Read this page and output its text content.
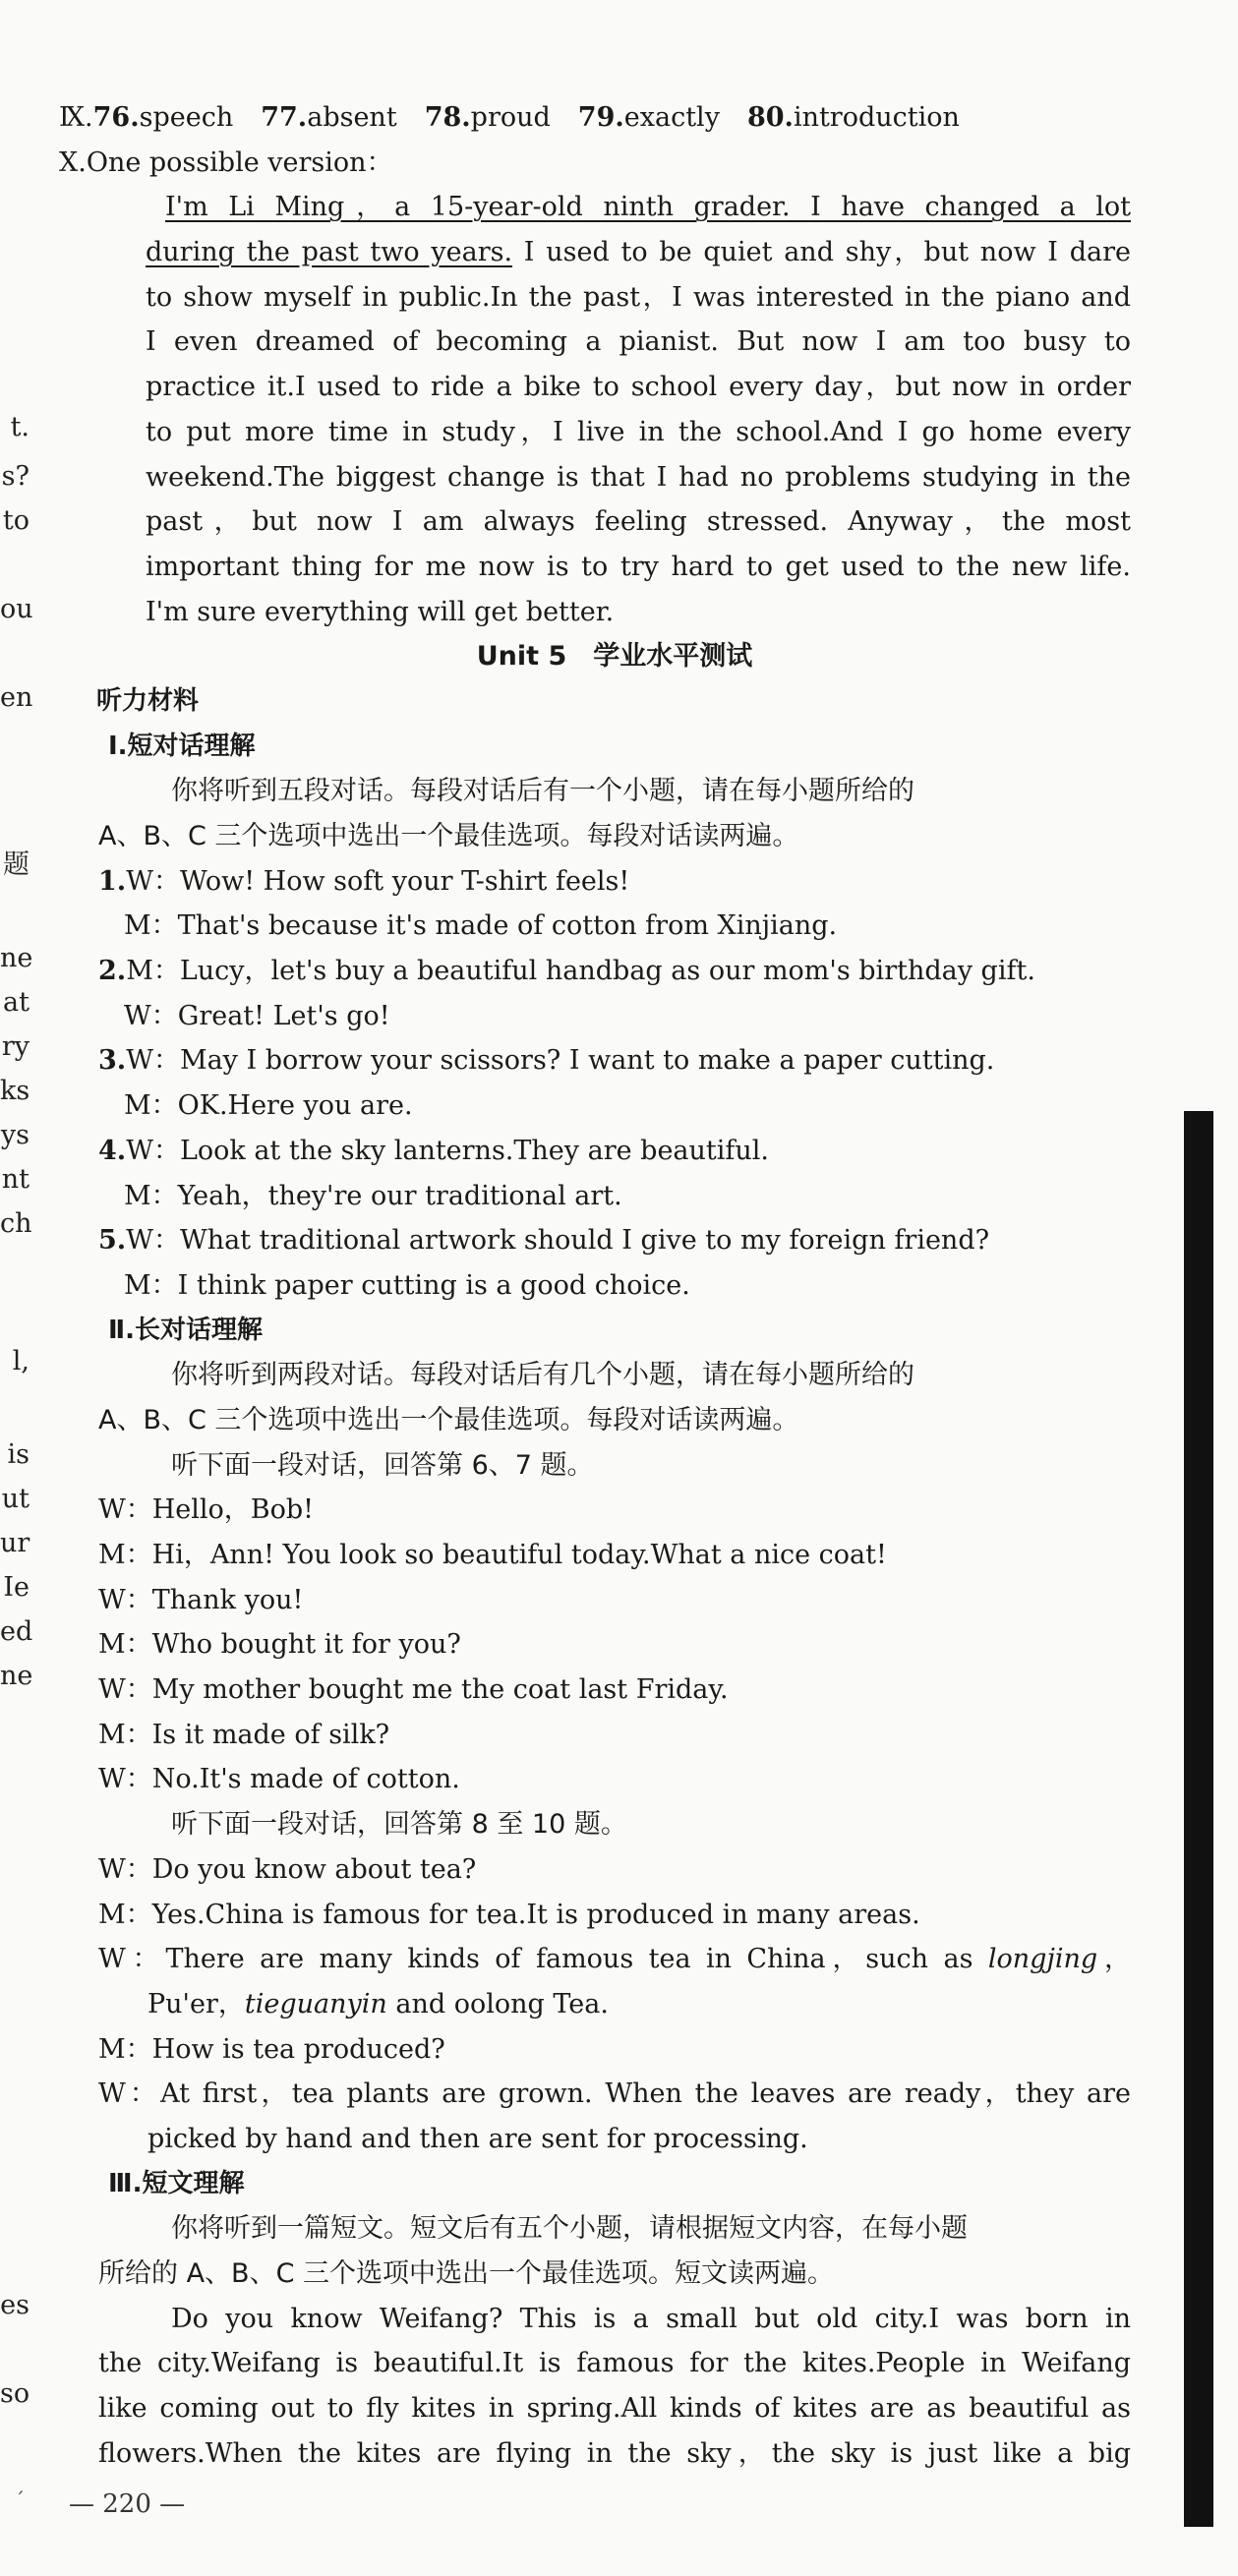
t.
s?
to
ou
en
题
ne
at
ry
ks
ys
nt
ch
l,
is
ut
ur
Ie
ed
ne
es
so
Ⅸ.76.speech 77.absent 78.proud 79.exactly 80.introduction
Ⅹ.One possible version：
I'm Li Ming，a 15-year-old ninth grader. I have changed a lot
during the past two years. I used to be quiet and shy，but now I dare
to show myself in public.In the past，I was interested in the piano and
I even dreamed of becoming a pianist. But now I am too busy to
practice it.I used to ride a bike to school every day，but now in order
to put more time in study，I live in the school.And I go home every
weekend.The biggest change is that I had no problems studying in the
past，but now I am always feeling stressed. Anyway，the most
important thing for me now is to try hard to get used to the new life.
I'm sure everything will get better.
Unit 5　学业水平测试
听力材料
Ⅰ.短对话理解
你将听到五段对话。每段对话后有一个小题，请在每小题所给的
A、B、C 三个选项中选出一个最佳选项。每段对话读两遍。
1.W：Wow! How soft your T-shirt feels!
M：That's because it's made of cotton from Xinjiang.
2.M：Lucy，let's buy a beautiful handbag as our mom's birthday gift.
W：Great! Let's go!
3.W：May I borrow your scissors? I want to make a paper cutting.
M：OK.Here you are.
4.W：Look at the sky lanterns.They are beautiful.
M：Yeah，they're our traditional art.
5.W：What traditional artwork should I give to my foreign friend?
M：I think paper cutting is a good choice.
Ⅱ.长对话理解
你将听到两段对话。每段对话后有几个小题，请在每小题所给的
A、B、C 三个选项中选出一个最佳选项。每段对话读两遍。
听下面一段对话，回答第 6、7 题。
W：Hello，Bob!
M：Hi，Ann! You look so beautiful today.What a nice coat!
W：Thank you!
M：Who bought it for you?
W：My mother bought me the coat last Friday.
M：Is it made of silk?
W：No.It's made of cotton.
听下面一段对话，回答第 8 至 10 题。
W：Do you know about tea?
M：Yes.China is famous for tea.It is produced in many areas.
W：There are many kinds of famous tea in China，such as longjing，
Pu'er，tieguanyin and oolong Tea.
M：How is tea produced?
W：At first，tea plants are grown. When the leaves are ready，they are
picked by hand and then are sent for processing.
Ⅲ.短文理解
你将听到一篇短文。短文后有五个小题，请根据短文内容，在每小题
所给的 A、B、C 三个选项中选出一个最佳选项。短文读两遍。
Do you know Weifang? This is a small but old city.I was born in
the city.Weifang is beautiful.It is famous for the kites.People in Weifang
like coming out to fly kites in spring.All kinds of kites are as beautiful as
flowers.When the kites are flying in the sky，the sky is just like a big
ˊ — 220 —
